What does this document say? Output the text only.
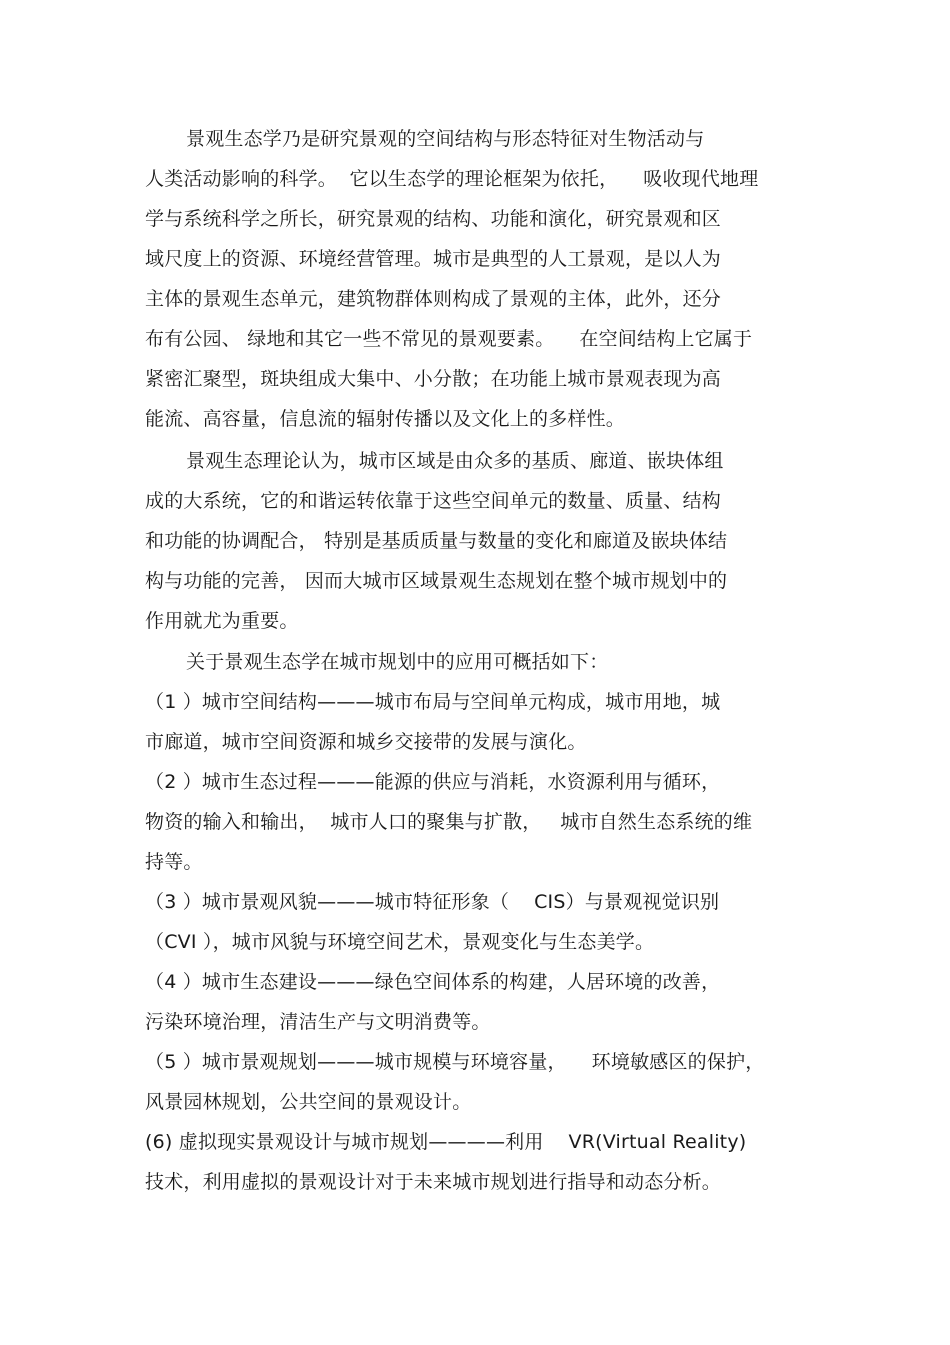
景观生态学乃是研究景观的空间结构与形态特征对生物活动与
人类活动影响的科学。  它以生态学的理论框架为依托，    吸收现代地理
学与系统科学之所长，研究景观的结构、功能和演化，研究景观和区
域尺度上的资源、环境经营管理。城市是典型的人工景观，是以人为
主体的景观生态单元，建筑物群体则构成了景观的主体，此外，还分
布有公园、 绿地和其它一些不常见的景观要素。    在空间结构上它属于
紧密汇聚型，斑块组成大集中、小分散；在功能上城市景观表现为高
能流、高容量，信息流的辐射传播以及文化上的多样性。
景观生态理论认为，城市区域是由众多的基质、廊道、嵌块体组
成的大系统，它的和谐运转依靠于这些空间单元的数量、质量、结构
和功能的协调配合， 特别是基质质量与数量的变化和廊道及嵌块体结
构与功能的完善， 因而大城市区域景观生态规划在整个城市规划中的
作用就尤为重要。
关于景观生态学在城市规划中的应用可概括如下：
（1 ）城市空间结构———城市布局与空间单元构成，城市用地，城
市廊道，城市空间资源和城乡交接带的发展与演化。
（2 ）城市生态过程———能源的供应与消耗，水资源利用与循环，
物资的输入和输出，  城市人口的聚集与扩散，   城市自然生态系统的维
持等。
（3 ）城市景观风貌———城市特征形象（    CIS）与景观视觉识别
（CVI ），城市风貌与环境空间艺术，景观变化与生态美学。
（4 ）城市生态建设———绿色空间体系的构建，人居环境的改善，
污染环境治理，清洁生产与文明消费等。
（5 ）城市景观规划———城市规模与环境容量，    环境敏感区的保护，
风景园林规划，公共空间的景观设计。
(6) 虚拟现实景观设计与城市规划————利用    VR(Virtual Reality)
技术，利用虚拟的景观设计对于未来城市规划进行指导和动态分析。
